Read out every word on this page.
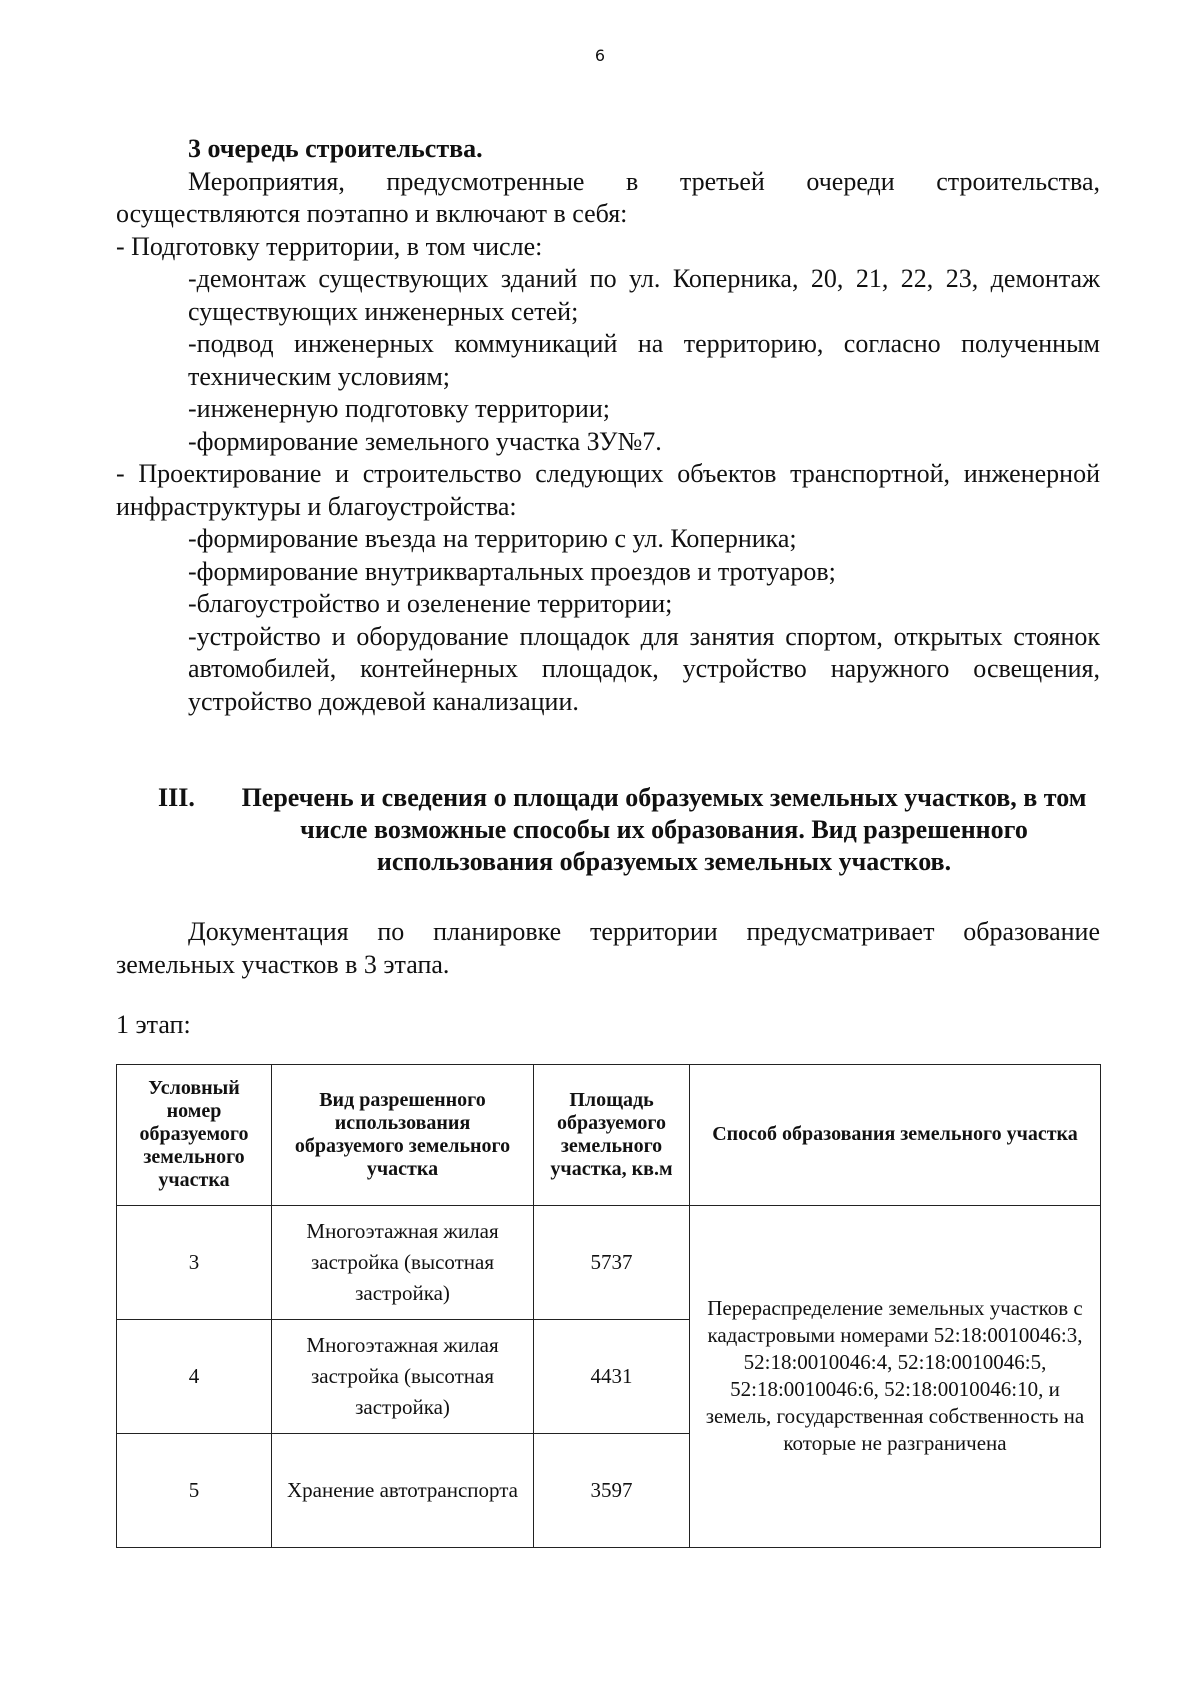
6

3 очередь строительства.

Мероприятия, предусмотренные в третьей очереди строительства, осуществляются поэтапно и включают в себя:

- Подготовку территории, в том числе:

-демонтаж существующих зданий по ул. Коперника, 20, 21, 22, 23, демонтаж существующих инженерных сетей;

-подвод инженерных коммуникаций на территорию, согласно полученным техническим условиям;

-инженерную подготовку территории;

-формирование земельного участка ЗУ№7.

- Проектирование и строительство следующих объектов транспортной, инженерной инфраструктуры и благоустройства:

-формирование въезда на территорию с ул. Коперника;

-формирование внутриквартальных проездов и тротуаров;

-благоустройство и озеленение территории;

-устройство и оборудование площадок для занятия спортом, открытых стоянок автомобилей, контейнерных площадок, устройство наружного освещения, устройство дождевой канализации.

III.	Перечень и сведения о площади образуемых земельных участков, в том числе возможные способы их образования. Вид разрешенного использования образуемых земельных участков.

Документация по планировке территории предусматривает образование земельных участков в 3 этапа.

1 этап:

Условный номер образуемого земельного участка	Вид разрешенного использования образуемого земельного участка	Площадь образуемого земельного участка, кв.м	Способ образования земельного участка
3	Многоэтажная жилая застройка (высотная застройка)	5737	Перераспределение земельных участков с кадастровыми номерами 52:18:0010046:3, 52:18:0010046:4, 52:18:0010046:5, 52:18:0010046:6, 52:18:0010046:10, и земель, государственная собственность на которые не разграничена
4	Многоэтажная жилая застройка (высотная застройка)	4431	
5	Хранение автотранспорта	3597	
